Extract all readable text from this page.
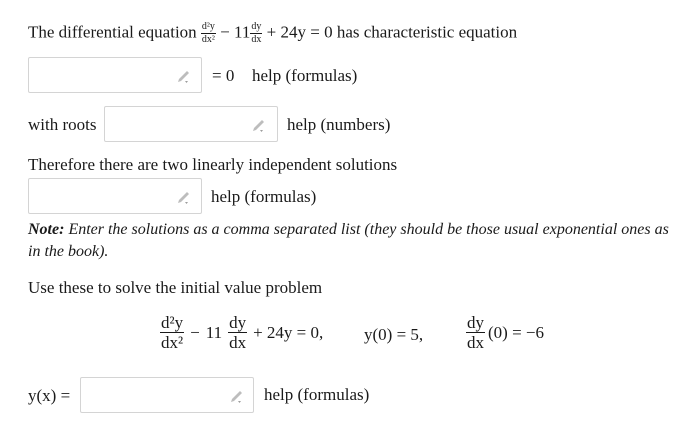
The differential equation $\frac{\text{d²y}}{\text{dx²}} - 11 \frac{dy}{dx} + 24y = 0$ has characteristic equation
= 0 help (formulas)
with roots	help (numbers)
Therefore there are two linearly independent solutions
help (formulas)
Note: Enter the solutions as a comma separated list (they should be those usual exponential ones as in the book).
Use these to solve the initial value problem
$\frac{\text{d²y}}{\text{dx²}} - 11 \frac{dy}{dx} + 24y = 0$, y(0) = 5,	$\frac{dy}{dx} (0) = -6$
y(x) =	help (formulas)
